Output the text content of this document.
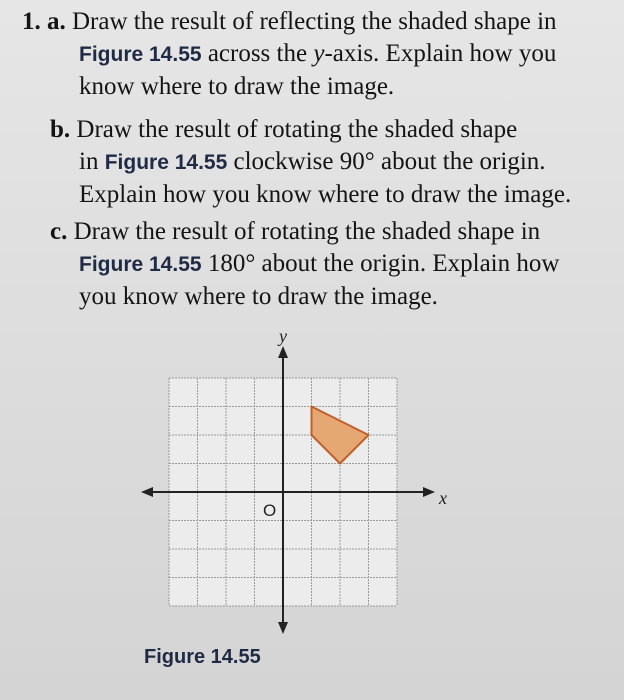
1. a. Draw the result of reflecting the shaded shape in
Figure 14.55 across the y-axis. Explain how you
know where to draw the image.
b. Draw the result of rotating the shaded shape
in Figure 14.55 clockwise 90° about the origin.
Explain how you know where to draw the image.
c. Draw the result of rotating the shaded shape in
Figure 14.55 180° about the origin. Explain how
you know where to draw the image.
x
y
O
Figure 14.55
